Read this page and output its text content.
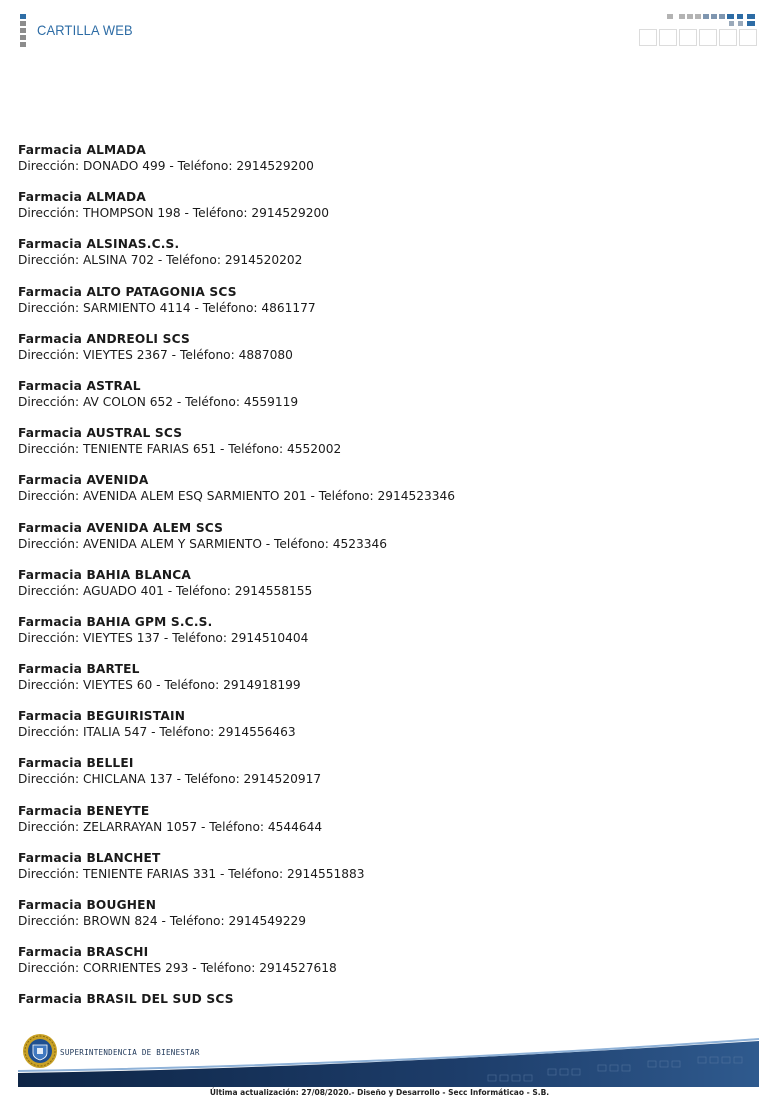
CARTILLA WEB
Farmacia ALMADA
Dirección: DONADO 499 - Teléfono: 2914529200
Farmacia ALMADA
Dirección: THOMPSON 198 - Teléfono: 2914529200
Farmacia ALSINAS.C.S.
Dirección: ALSINA 702 - Teléfono: 2914520202
Farmacia ALTO PATAGONIA SCS
Dirección: SARMIENTO 4114 - Teléfono: 4861177
Farmacia ANDREOLI SCS
Dirección: VIEYTES 2367 - Teléfono: 4887080
Farmacia ASTRAL
Dirección: AV COLON 652 - Teléfono: 4559119
Farmacia AUSTRAL SCS
Dirección: TENIENTE FARIAS 651 - Teléfono: 4552002
Farmacia AVENIDA
Dirección: AVENIDA ALEM ESQ SARMIENTO 201 - Teléfono: 2914523346
Farmacia AVENIDA ALEM SCS
Dirección: AVENIDA ALEM Y SARMIENTO - Teléfono: 4523346
Farmacia BAHIA BLANCA
Dirección: AGUADO 401 - Teléfono: 2914558155
Farmacia BAHIA GPM S.C.S.
Dirección: VIEYTES 137 - Teléfono: 2914510404
Farmacia BARTEL
Dirección: VIEYTES 60 - Teléfono: 2914918199
Farmacia BEGUIRISTAIN
Dirección: ITALIA 547 - Teléfono: 2914556463
Farmacia BELLEI
Dirección: CHICLANA 137 - Teléfono: 2914520917
Farmacia BENEYTE
Dirección: ZELARRAYAN 1057 - Teléfono: 4544644
Farmacia BLANCHET
Dirección: TENIENTE FARIAS 331 - Teléfono: 2914551883
Farmacia BOUGHEN
Dirección: BROWN 824 - Teléfono: 2914549229
Farmacia BRASCHI
Dirección: CORRIENTES 293 - Teléfono: 2914527618
Farmacia BRASIL DEL SUD SCS
SUPERINTENDENCIA DE BIENESTAR
Última actualización: 27/08/2020.- Diseño y Desarrollo - Secc Informáticao - S.B.
